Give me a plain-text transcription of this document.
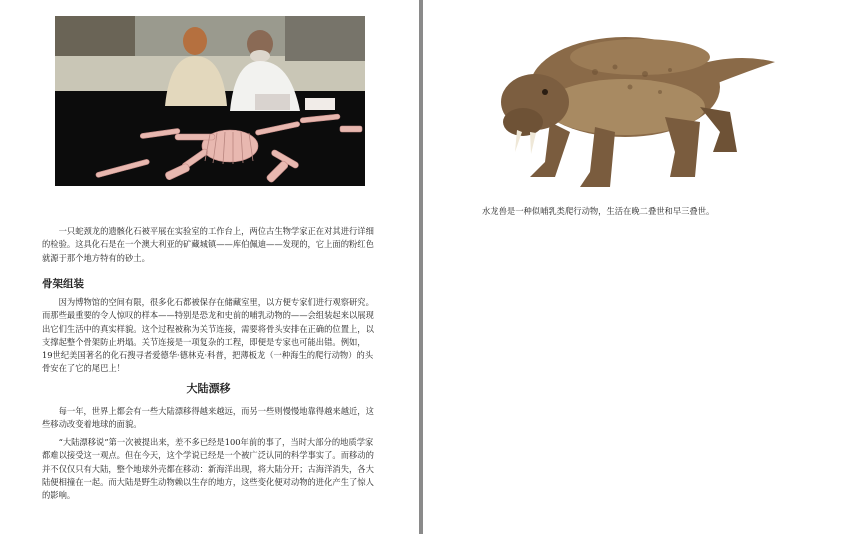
一只蛇颈龙的遗骸化石被平展在实验室的工作台上，两位古生物学家正在对其进行详细的检验。这具化石是在一个澳大利亚的矿藏城镇——库伯佩迪——发现的，它上面的粉红色就源于那个地方特有的砂土。

骨架组装

因为博物馆的空间有限，很多化石都被保存在储藏室里，以方便专家们进行观察研究。而那些最重要的令人惊叹的样本——特别是恐龙和史前的哺乳动物的——会组装起来以展现出它们生活中的真实样貌。这个过程被称为关节连接，需要将骨头安排在正确的位置上，以支撑起整个骨架防止坍塌。关节连接是一项复杂的工程，即便是专家也可能出错。例如，19世纪美国著名的化石搜寻者爱德华·德林克·科普，把薄板龙（一种海生的爬行动物）的头骨安在了它的尾巴上！

大陆漂移

每一年，世界上都会有一些大陆漂移得越来越远，而另一些则慢慢地靠得越来越近，这些移动改变着地球的面貌。

“大陆漂移说”第一次被提出来，差不多已经是100年前的事了，当时大部分的地质学家都难以接受这一观点。但在今天，这个学说已经是一个被广泛认同的科学事实了。而移动的并不仅仅只有大陆，整个地球外壳都在移动：新海洋出现，将大陆分开；古海洋消失，各大陆便相撞在一起。而大陆是野生动物赖以生存的地方，这些变化便对动物的进化产生了惊人的影响。

水龙兽是一种似哺乳类爬行动物，生活在晚二叠世和早三叠世。
